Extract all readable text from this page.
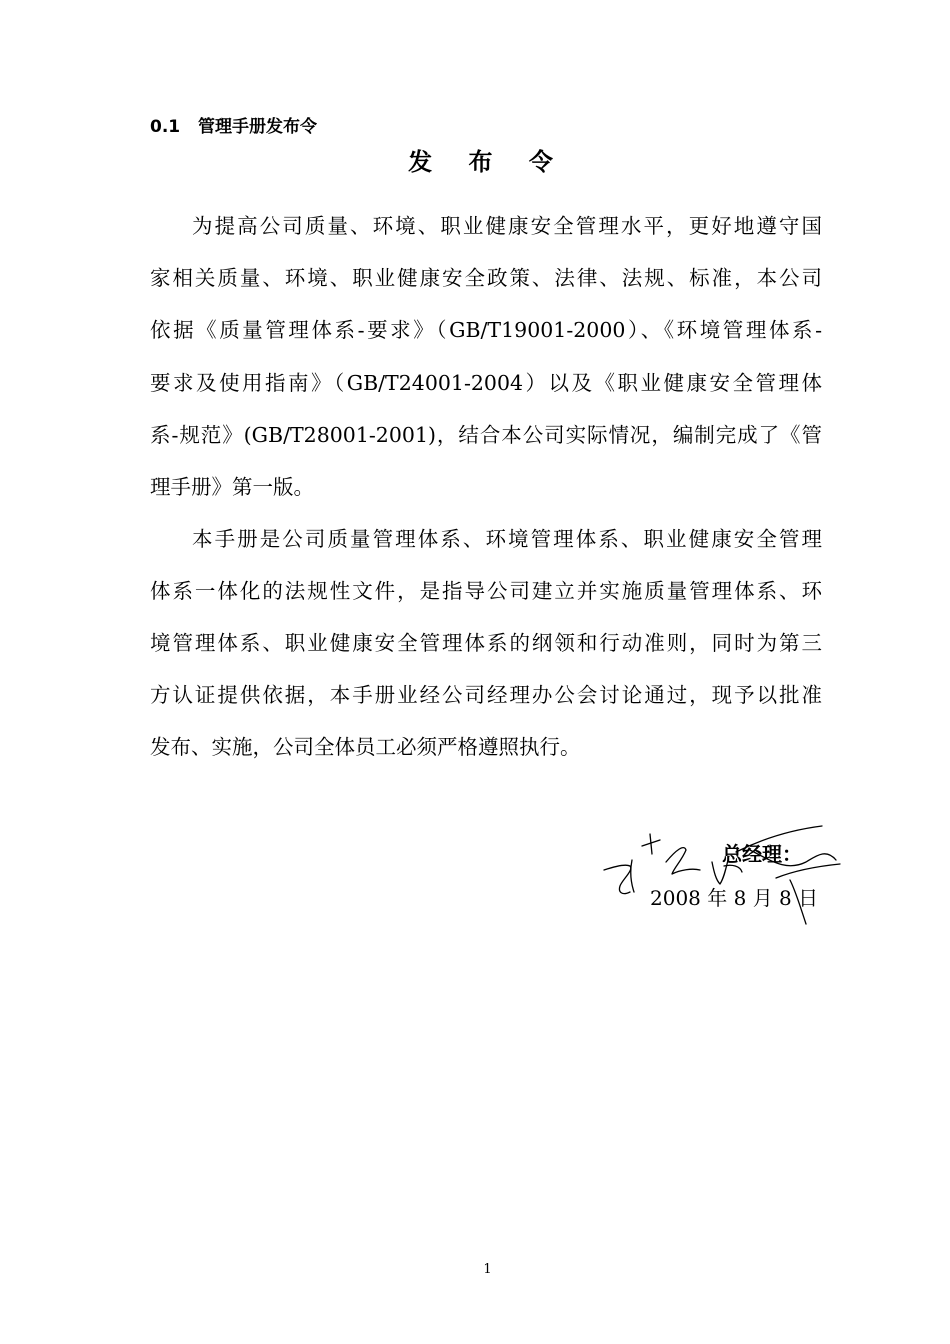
0.1 管理手册发布令
发 布 令
为提高公司质量、环境、职业健康安全管理水平，更好地遵守国
家相关质量、环境、职业健康安全政策、法律、法规、标准，本公司
依据《质量管理体系-要求》（GB/T19001-2000）、《环境管理体系-
要求及使用指南》（GB/T24001-2004）以及《职业健康安全管理体
系-规范》(GB/T28001-2001)，结合本公司实际情况，编制完成了《管
理手册》第一版。
本手册是公司质量管理体系、环境管理体系、职业健康安全管理
体系一体化的法规性文件，是指导公司建立并实施质量管理体系、环
境管理体系、职业健康安全管理体系的纲领和行动准则，同时为第三
方认证提供依据，本手册业经公司经理办公会讨论通过，现予以批准
发布、实施，公司全体员工必须严格遵照执行。
总经理：
2008 年 8 月 8 日
1
